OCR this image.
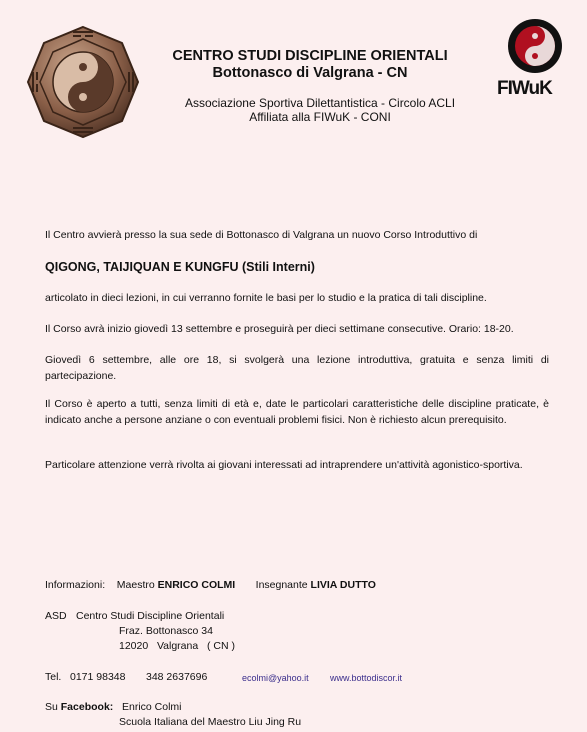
CENTRO STUDI DISCIPLINE ORIENTALI
Bottonasco di Valgrana - CN
Associazione Sportiva Dilettantistica - Circolo ACLI
Affiliata alla FIWuK - CONI
FIWuK
Il Centro avvierà presso la sua sede di Bottonasco di Valgrana un nuovo Corso Introduttivo di
QIGONG, TAIJIQUAN E KUNGFU (Stili Interni)
articolato in dieci lezioni, in cui verranno fornite le basi per lo studio e la pratica di tali discipline.
Il Corso avrà inizio giovedì 13 settembre e proseguirà per dieci settimane consecutive. Orario: 18-20.
Giovedì 6 settembre, alle ore 18, si svolgerà una lezione introduttiva, gratuita e senza limiti di partecipazione.
Il Corso è aperto a tutti, senza limiti di età e, date le particolari caratteristiche delle discipline praticate, è indicato anche a persone anziane o con eventuali problemi fisici. Non è richiesto alcun prerequisito.
Particolare attenzione verrà rivolta ai giovani interessati ad intraprendere un'attività agonistico-sportiva.
Informazioni: Maestro ENRICO COLMI Insegnante LIVIA DUTTO
ASD Centro Studi Discipline Orientali
Fraz. Bottonasco 34
12020   Valgrana   ( CN )
Tel. 0171 98348 348 2637696	ecolmi@yahoo.it www.bottodiscor.it
Su Facebook: Enrico Colmi
Scuola Italiana del Maestro Liu Jing Ru
